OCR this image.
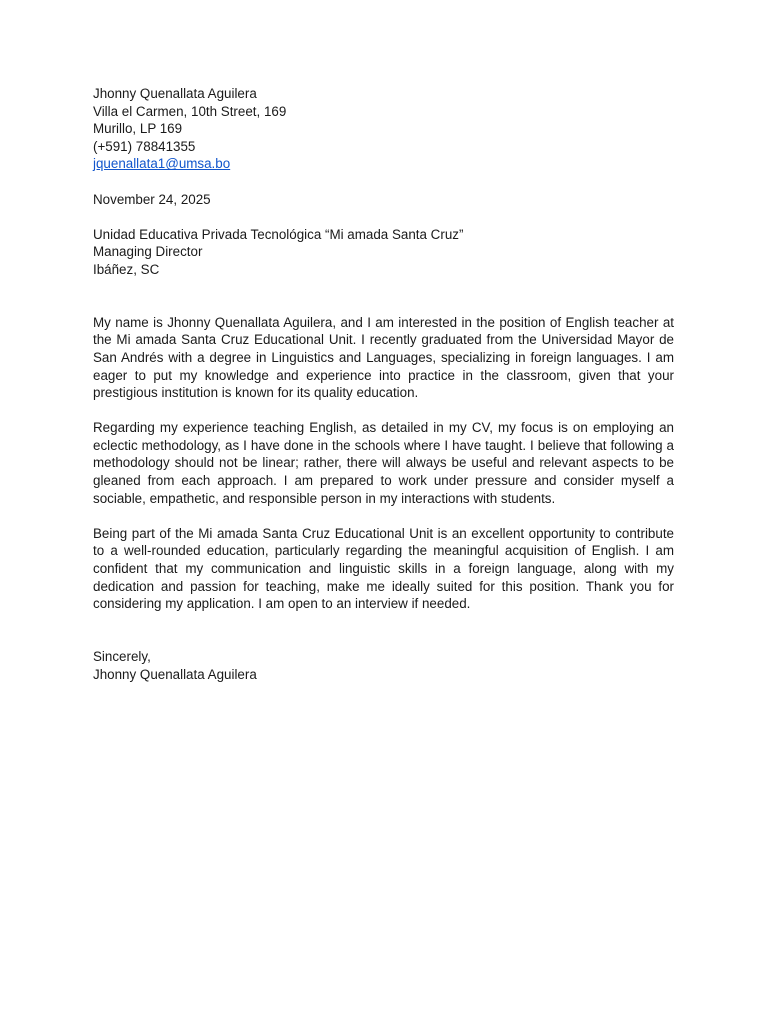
Jhonny Quenallata Aguilera
Villa el Carmen, 10th Street, 169
Murillo, LP 169
(+591) 78841355
jquenallata1@umsa.bo
November 24, 2025
Unidad Educativa Privada Tecnológica “Mi amada Santa Cruz”
Managing Director
Ibáñez, SC

My name is Jhonny Quenallata Aguilera, and I am interested in the position of English teacher at the Mi amada Santa Cruz Educational Unit. I recently graduated from the Universidad Mayor de San Andrés with a degree in Linguistics and Languages, specializing in foreign languages. I am eager to put my knowledge and experience into practice in the classroom, given that your prestigious institution is known for its quality education.

Regarding my experience teaching English, as detailed in my CV, my focus is on employing an eclectic methodology, as I have done in the schools where I have taught. I believe that following a methodology should not be linear; rather, there will always be useful and relevant aspects to be gleaned from each approach. I am prepared to work under pressure and consider myself a sociable, empathetic, and responsible person in my interactions with students.

Being part of the Mi amada Santa Cruz Educational Unit is an excellent opportunity to contribute to a well-rounded education, particularly regarding the meaningful acquisition of English. I am confident that my communication and linguistic skills in a foreign language, along with my dedication and passion for teaching, make me ideally suited for this position. Thank you for considering my application. I am open to an interview if needed.

Sincerely,
Jhonny Quenallata Aguilera
